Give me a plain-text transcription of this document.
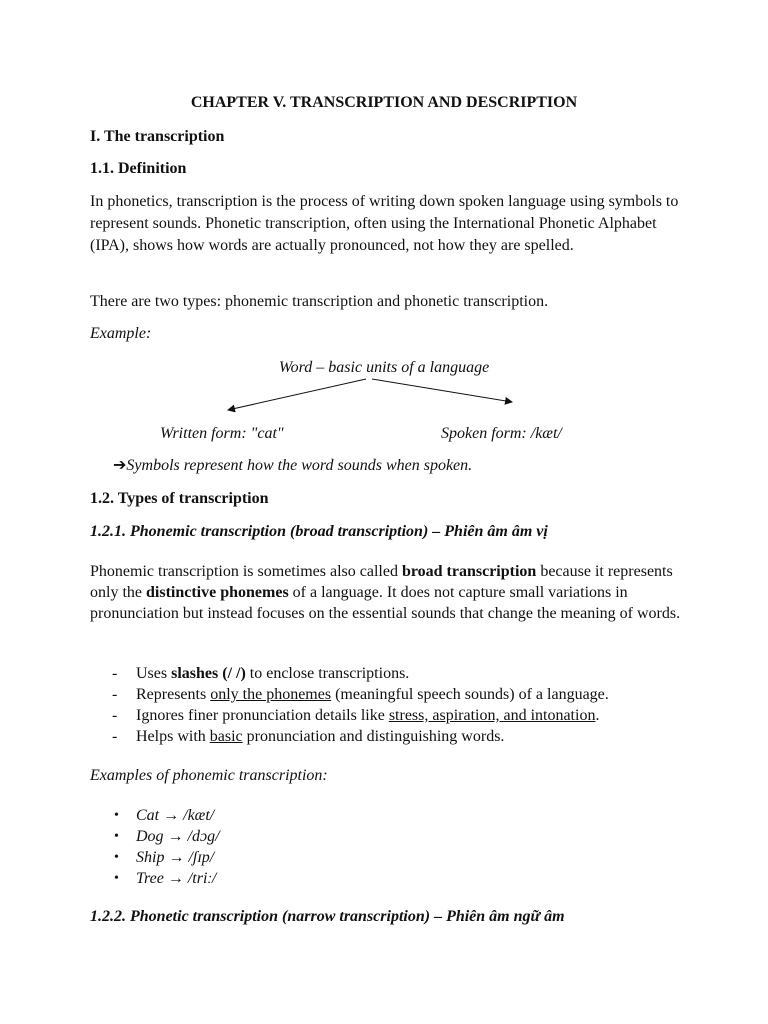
CHAPTER V. TRANSCRIPTION AND DESCRIPTION
I. The transcription
1.1. Definition
In phonetics, transcription is the process of writing down spoken language using symbols to represent sounds. Phonetic transcription, often using the International Phonetic Alphabet (IPA), shows how words are actually pronounced, not how they are spelled.
There are two types: phonemic transcription and phonetic transcription.
Example:
Word – basic units of a language
Written form: "cat"	Spoken form: /kæt/
➔Symbols represent how the word sounds when spoken.
1.2. Types of transcription
1.2.1. Phonemic transcription (broad transcription) – Phiên âm âm vị
Phonemic transcription is sometimes also called broad transcription because it represents only the distinctive phonemes of a language. It does not capture small variations in pronunciation but instead focuses on the essential sounds that change the meaning of words.
- Uses slashes (/ /) to enclose transcriptions.
- Represents only the phonemes (meaningful speech sounds) of a language.
- Ignores finer pronunciation details like stress, aspiration, and intonation.
- Helps with basic pronunciation and distinguishing words.
Examples of phonemic transcription:
• Cat → /kæt/
• Dog → /dɔg/
• Ship → /ʃɪp/
• Tree → /triː/
1.2.2. Phonetic transcription (narrow transcription) – Phiên âm ngữ âm
